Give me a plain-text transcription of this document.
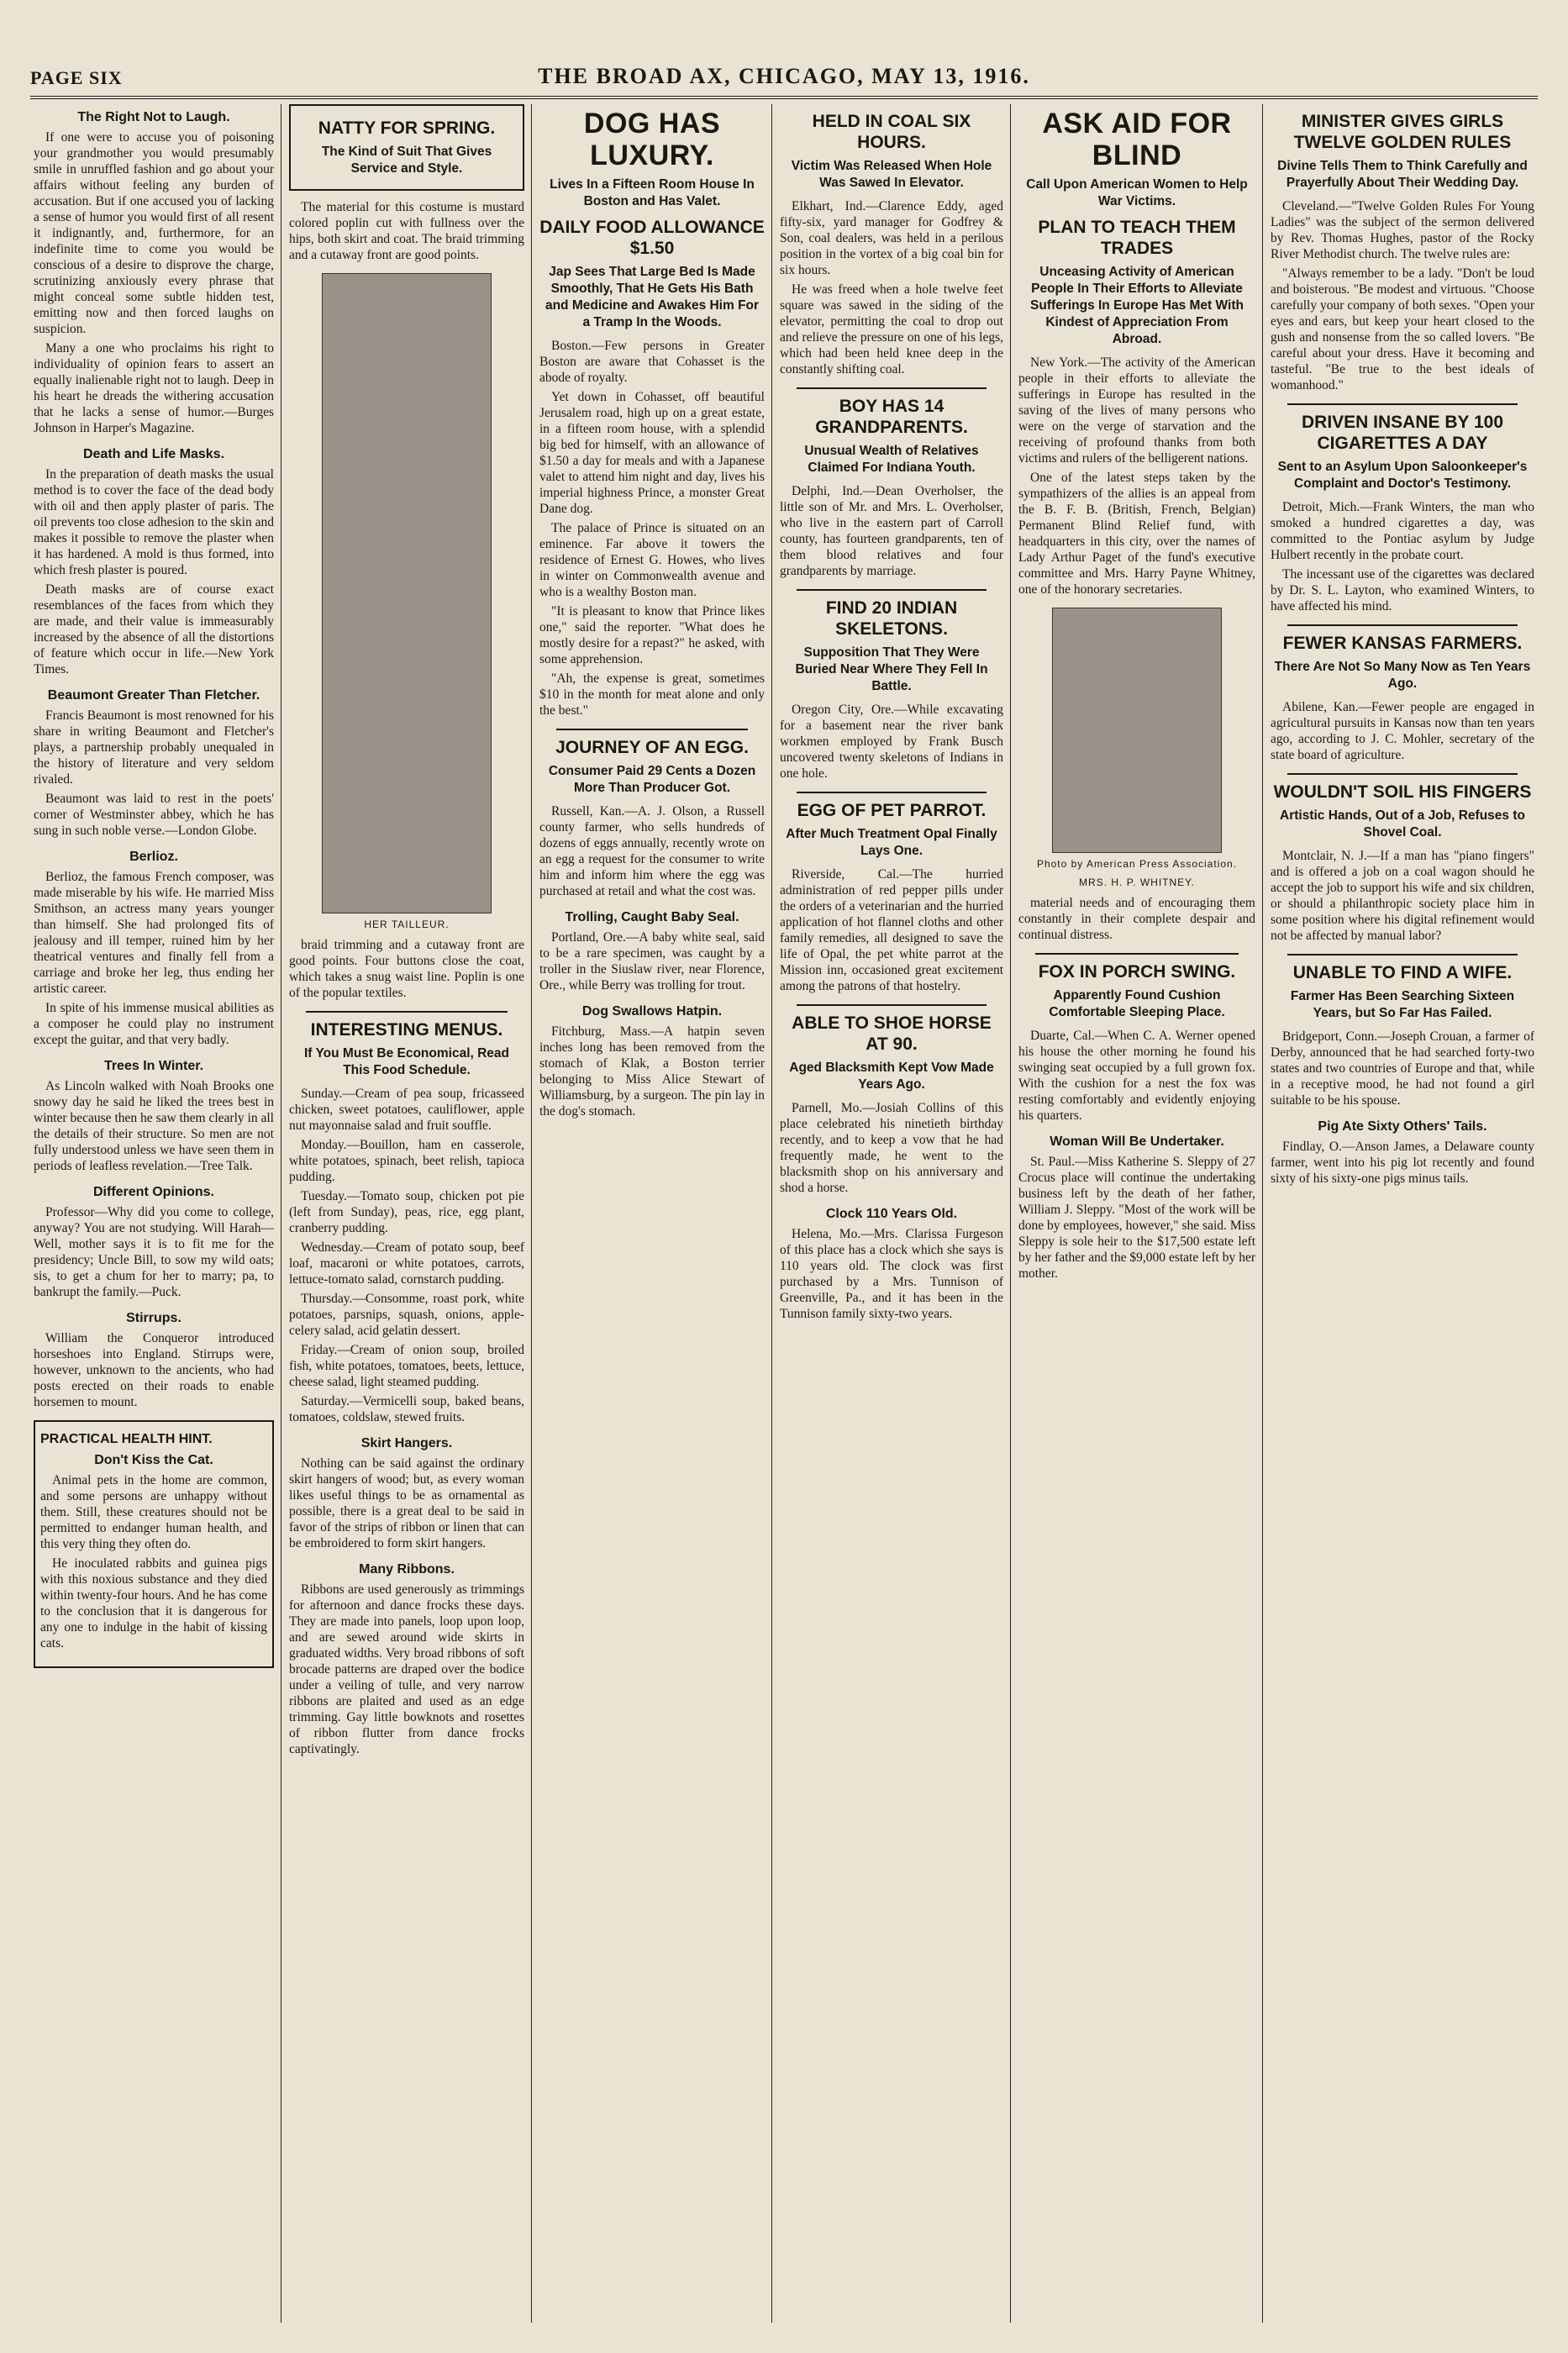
PAGE SIX	THE BROAD AX, CHICAGO, MAY 13, 1916.
The Right Not to Laugh.

If one were to accuse you of poisoning your grandmother you would presumably smile in unruffled fashion and go about your affairs without feeling any burden of accusation. But if one accused you of lacking a sense of humor you would first of all resent it indignantly, and, furthermore, for an indefinite time to come you would be conscious of a desire to disprove the charge, scrutinizing anxiously every phrase that might conceal some subtle hidden test, emitting now and then forced laughs on suspicion.

Many a one who proclaims his right to individuality of opinion fears to assert an equally inalienable right not to laugh. Deep in his heart he dreads the withering accusation that he lacks a sense of humor.—Burges Johnson in Harper's Magazine.

Death and Life Masks.

In the preparation of death masks the usual method is to cover the face of the dead body with oil and then apply plaster of paris. The oil prevents too close adhesion to the skin and makes it possible to remove the plaster when it has hardened. A mold is thus formed, into which fresh plaster is poured.

Death masks are of course exact resemblances of the faces from which they are made, and their value is immeasurably increased by the absence of all the distortions of feature which occur in life.—New York Times.

Beaumont Greater Than Fletcher.

Francis Beaumont is most renowned for his share in writing Beaumont and Fletcher's plays, a partnership probably unequaled in the history of literature and very seldom rivaled.

Beaumont was laid to rest in the poets' corner of Westminster abbey, which he has sung in such noble verse.—London Globe.

Berlioz.

Berlioz, the famous French composer, was made miserable by his wife. He married Miss Smithson, an actress many years younger than himself. She had prolonged fits of jealousy and ill temper, ruined him by her theatrical ventures and finally fell from a carriage and broke her leg, thus ending her artistic career.

In spite of his immense musical abilities as a composer he could play no instrument except the guitar, and that very badly.

Trees In Winter.

As Lincoln walked with Noah Brooks one snowy day he said he liked the trees best in winter because then he saw them clearly in all the details of their structure. So men are not fully understood unless we have seen them in periods of leafless revelation.—Tree Talk.

Different Opinions.

Professor—Why did you come to college, anyway? You are not studying. Will Harah—Well, mother says it is to fit me for the presidency; Uncle Bill, to sow my wild oats; sis, to get a chum for her to marry; pa, to bankrupt the family.—Puck.

Stirrups.

William the Conqueror introduced horseshoes into England. Stirrups were, however, unknown to the ancients, who had posts erected on their roads to enable horsemen to mount.

PRACTICAL HEALTH HINT.
Don't Kiss the Cat.

Animal pets in the home are common, and some persons are unhappy without them. Still, these creatures should not be permitted to endanger human health, and this very thing they often do.

He inoculated rabbits and guinea pigs with this noxious substance and they died within twenty-four hours. And he has come to the conclusion that it is dangerous for any one to indulge in the habit of kissing cats.

NATTY FOR SPRING.
The Kind of Suit That Gives Service and Style.

The material for this costume is mustard colored poplin cut with fullness over the hips, both skirt and coat. The braid trimming and a cutaway front are good points.

HER TAILLEUR.

braid trimming and a cutaway front are good points. Four buttons close the coat, which takes a snug waist line. Poplin is one of the popular textiles.

INTERESTING MENUS.
If You Must Be Economical, Read This Food Schedule.

Sunday.—Cream of pea soup, fricasseed chicken, sweet potatoes, cauliflower, apple nut mayonnaise salad and fruit souffle.

Monday.—Bouillon, ham en casserole, white potatoes, spinach, beet relish, tapioca pudding.

Tuesday.—Tomato soup, chicken pot pie (left from Sunday), peas, rice, egg plant, cranberry pudding.

Wednesday.—Cream of potato soup, beef loaf, macaroni or white potatoes, carrots, lettuce-tomato salad, cornstarch pudding.

Thursday.—Consomme, roast pork, white potatoes, parsnips, squash, onions, apple-celery salad, acid gelatin dessert.

Friday.—Cream of onion soup, broiled fish, white potatoes, tomatoes, beets, lettuce, cheese salad, light steamed pudding.

Saturday.—Vermicelli soup, baked beans, tomatoes, coldslaw, stewed fruits.

Skirt Hangers.

Nothing can be said against the ordinary skirt hangers of wood; but, as every woman likes useful things to be as ornamental as possible, there is a great deal to be said in favor of the strips of ribbon or linen that can be embroidered to form skirt hangers.

Many Ribbons.

Ribbons are used generously as trimmings for afternoon and dance frocks these days. They are made into panels, loop upon loop, and are sewed around wide skirts in graduated widths. Very broad ribbons of soft brocade patterns are draped over the bodice under a veiling of tulle, and very narrow ribbons are plaited and used as an edge trimming. Gay little bowknots and rosettes of ribbon flutter from dance frocks captivatingly.

DOG HAS LUXURY.
Lives In a Fifteen Room House In Boston and Has Valet.
DAILY FOOD ALLOWANCE $1.50
Jap Sees That Large Bed Is Made Smoothly, That He Gets His Bath and Medicine and Awakes Him For a Tramp In the Woods.

Boston.—Few persons in Greater Boston are aware that Cohasset is the abode of royalty.

Yet down in Cohasset, off beautiful Jerusalem road, high up on a great estate, in a fifteen room house, with a splendid big bed for himself, with an allowance of $1.50 a day for meals and with a Japanese valet to attend him night and day, lives his imperial highness Prince, a monster Great Dane dog.

The palace of Prince is situated on an eminence. Far above it towers the residence of Ernest G. Howes, who lives in winter on Commonwealth avenue and who is a wealthy Boston man.

"It is pleasant to know that Prince likes one," said the reporter. "What does he mostly desire for a repast?" he asked, with some apprehension.

"Ah, the expense is great, sometimes $10 in the month for meat alone and only the best."

JOURNEY OF AN EGG.
Consumer Paid 29 Cents a Dozen More Than Producer Got.

Russell, Kan.—A. J. Olson, a Russell county farmer, who sells hundreds of dozens of eggs annually, recently wrote on an egg a request for the consumer to write him and inform him where the egg was purchased at retail and what the cost was.

Trolling, Caught Baby Seal.

Portland, Ore.—A baby white seal, said to be a rare specimen, was caught by a troller in the Siuslaw river, near Florence, Ore., while Berry was trolling for trout.

Dog Swallows Hatpin.

Fitchburg, Mass.—A hatpin seven inches long has been removed from the stomach of Klak, a Boston terrier belonging to Miss Alice Stewart of Williamsburg, by a surgeon. The pin lay in the dog's stomach.

HELD IN COAL SIX HOURS.
Victim Was Released When Hole Was Sawed In Elevator.

Elkhart, Ind.—Clarence Eddy, aged fifty-six, yard manager for Godfrey & Son, coal dealers, was held in a perilous position in the vortex of a big coal bin for six hours.

He was freed when a hole twelve feet square was sawed in the siding of the elevator, permitting the coal to drop out and relieve the pressure on one of his legs, which had been held knee deep in the constantly shifting coal.

BOY HAS 14 GRANDPARENTS.
Unusual Wealth of Relatives Claimed For Indiana Youth.

Delphi, Ind.—Dean Overholser, the little son of Mr. and Mrs. L. Overholser, who live in the eastern part of Carroll county, has fourteen grandparents, ten of them blood relatives and four grandparents by marriage.

FIND 20 INDIAN SKELETONS.
Supposition That They Were Buried Near Where They Fell In Battle.

Oregon City, Ore.—While excavating for a basement near the river bank workmen employed by Frank Busch uncovered twenty skeletons of Indians in one hole.

EGG OF PET PARROT.
After Much Treatment Opal Finally Lays One.

Riverside, Cal.—The hurried administration of red pepper pills under the orders of a veterinarian and the hurried application of hot flannel cloths and other family remedies, all designed to save the life of Opal, the pet white parrot at the Mission inn, occasioned great excitement among the patrons of that hostelry.

ABLE TO SHOE HORSE AT 90.
Aged Blacksmith Kept Vow Made Years Ago.

Parnell, Mo.—Josiah Collins of this place celebrated his ninetieth birthday recently, and to keep a vow that he had frequently made, he went to the blacksmith shop on his anniversary and shod a horse.

Clock 110 Years Old.

Helena, Mo.—Mrs. Clarissa Furgeson of this place has a clock which she says is 110 years old. The clock was first purchased by a Mrs. Tunnison of Greenville, Pa., and it has been in the Tunnison family sixty-two years.

ASK AID FOR BLIND
Call Upon American Women to Help War Victims.
PLAN TO TEACH THEM TRADES
Unceasing Activity of American People In Their Efforts to Alleviate Sufferings In Europe Has Met With Kindest of Appreciation From Abroad.

New York.—The activity of the American people in their efforts to alleviate the sufferings in Europe has resulted in the saving of the lives of many persons who were on the verge of starvation and the receiving of profound thanks from both victims and rulers of the belligerent nations.

One of the latest steps taken by the sympathizers of the allies is an appeal from the B. F. B. (British, French, Belgian) Permanent Blind Relief fund, with headquarters in this city, over the names of Lady Arthur Paget of the fund's executive committee and Mrs. Harry Payne Whitney, one of the honorary secretaries.

Photo by American Press Association.
MRS. H. P. WHITNEY.

material needs and of encouraging them constantly in their complete despair and continual distress.

FOX IN PORCH SWING.
Apparently Found Cushion Comfortable Sleeping Place.

Duarte, Cal.—When C. A. Werner opened his house the other morning he found his swinging seat occupied by a full grown fox. With the cushion for a nest the fox was resting comfortably and evidently enjoying his quarters.

Woman Will Be Undertaker.

St. Paul.—Miss Katherine S. Sleppy of 27 Crocus place will continue the undertaking business left by the death of her father, William J. Sleppy. "Most of the work will be done by employees, however," she said. Miss Sleppy is sole heir to the $17,500 estate left by her father and the $9,000 estate left by her mother.

MINISTER GIVES GIRLS TWELVE GOLDEN RULES
Divine Tells Them to Think Carefully and Prayerfully About Their Wedding Day.

Cleveland.—"Twelve Golden Rules For Young Ladies" was the subject of the sermon delivered by Rev. Thomas Hughes, pastor of the Rocky River Methodist church. The twelve rules are:

"Always remember to be a lady. "Don't be loud and boisterous. "Be modest and virtuous. "Choose carefully your company of both sexes. "Open your eyes and ears, but keep your heart closed to the gush and nonsense from the so called lovers. "Be careful about your dress. Have it becoming and tasteful. "Be true to the best ideals of womanhood."

DRIVEN INSANE BY 100 CIGARETTES A DAY
Sent to an Asylum Upon Saloonkeeper's Complaint and Doctor's Testimony.

Detroit, Mich.—Frank Winters, the man who smoked a hundred cigarettes a day, was committed to the Pontiac asylum by Judge Hulbert recently in the probate court.

The incessant use of the cigarettes was declared by Dr. S. L. Layton, who examined Winters, to have affected his mind.

FEWER KANSAS FARMERS.
There Are Not So Many Now as Ten Years Ago.

Abilene, Kan.—Fewer people are engaged in agricultural pursuits in Kansas now than ten years ago, according to J. C. Mohler, secretary of the state board of agriculture.

WOULDN'T SOIL HIS FINGERS
Artistic Hands, Out of a Job, Refuses to Shovel Coal.

Montclair, N. J.—If a man has "piano fingers" and is offered a job on a coal wagon should he accept the job to support his wife and six children, or should a philanthropic society place him in some position where his digital refinement would not be affected by manual labor?

UNABLE TO FIND A WIFE.
Farmer Has Been Searching Sixteen Years, but So Far Has Failed.

Bridgeport, Conn.—Joseph Crouan, a farmer of Derby, announced that he had searched forty-two states and two countries of Europe and that, while in a receptive mood, he had not found a girl suitable to be his spouse.

Pig Ate Sixty Others' Tails.

Findlay, O.—Anson James, a Delaware county farmer, went into his pig lot recently and found sixty of his sixty-one pigs minus tails.
